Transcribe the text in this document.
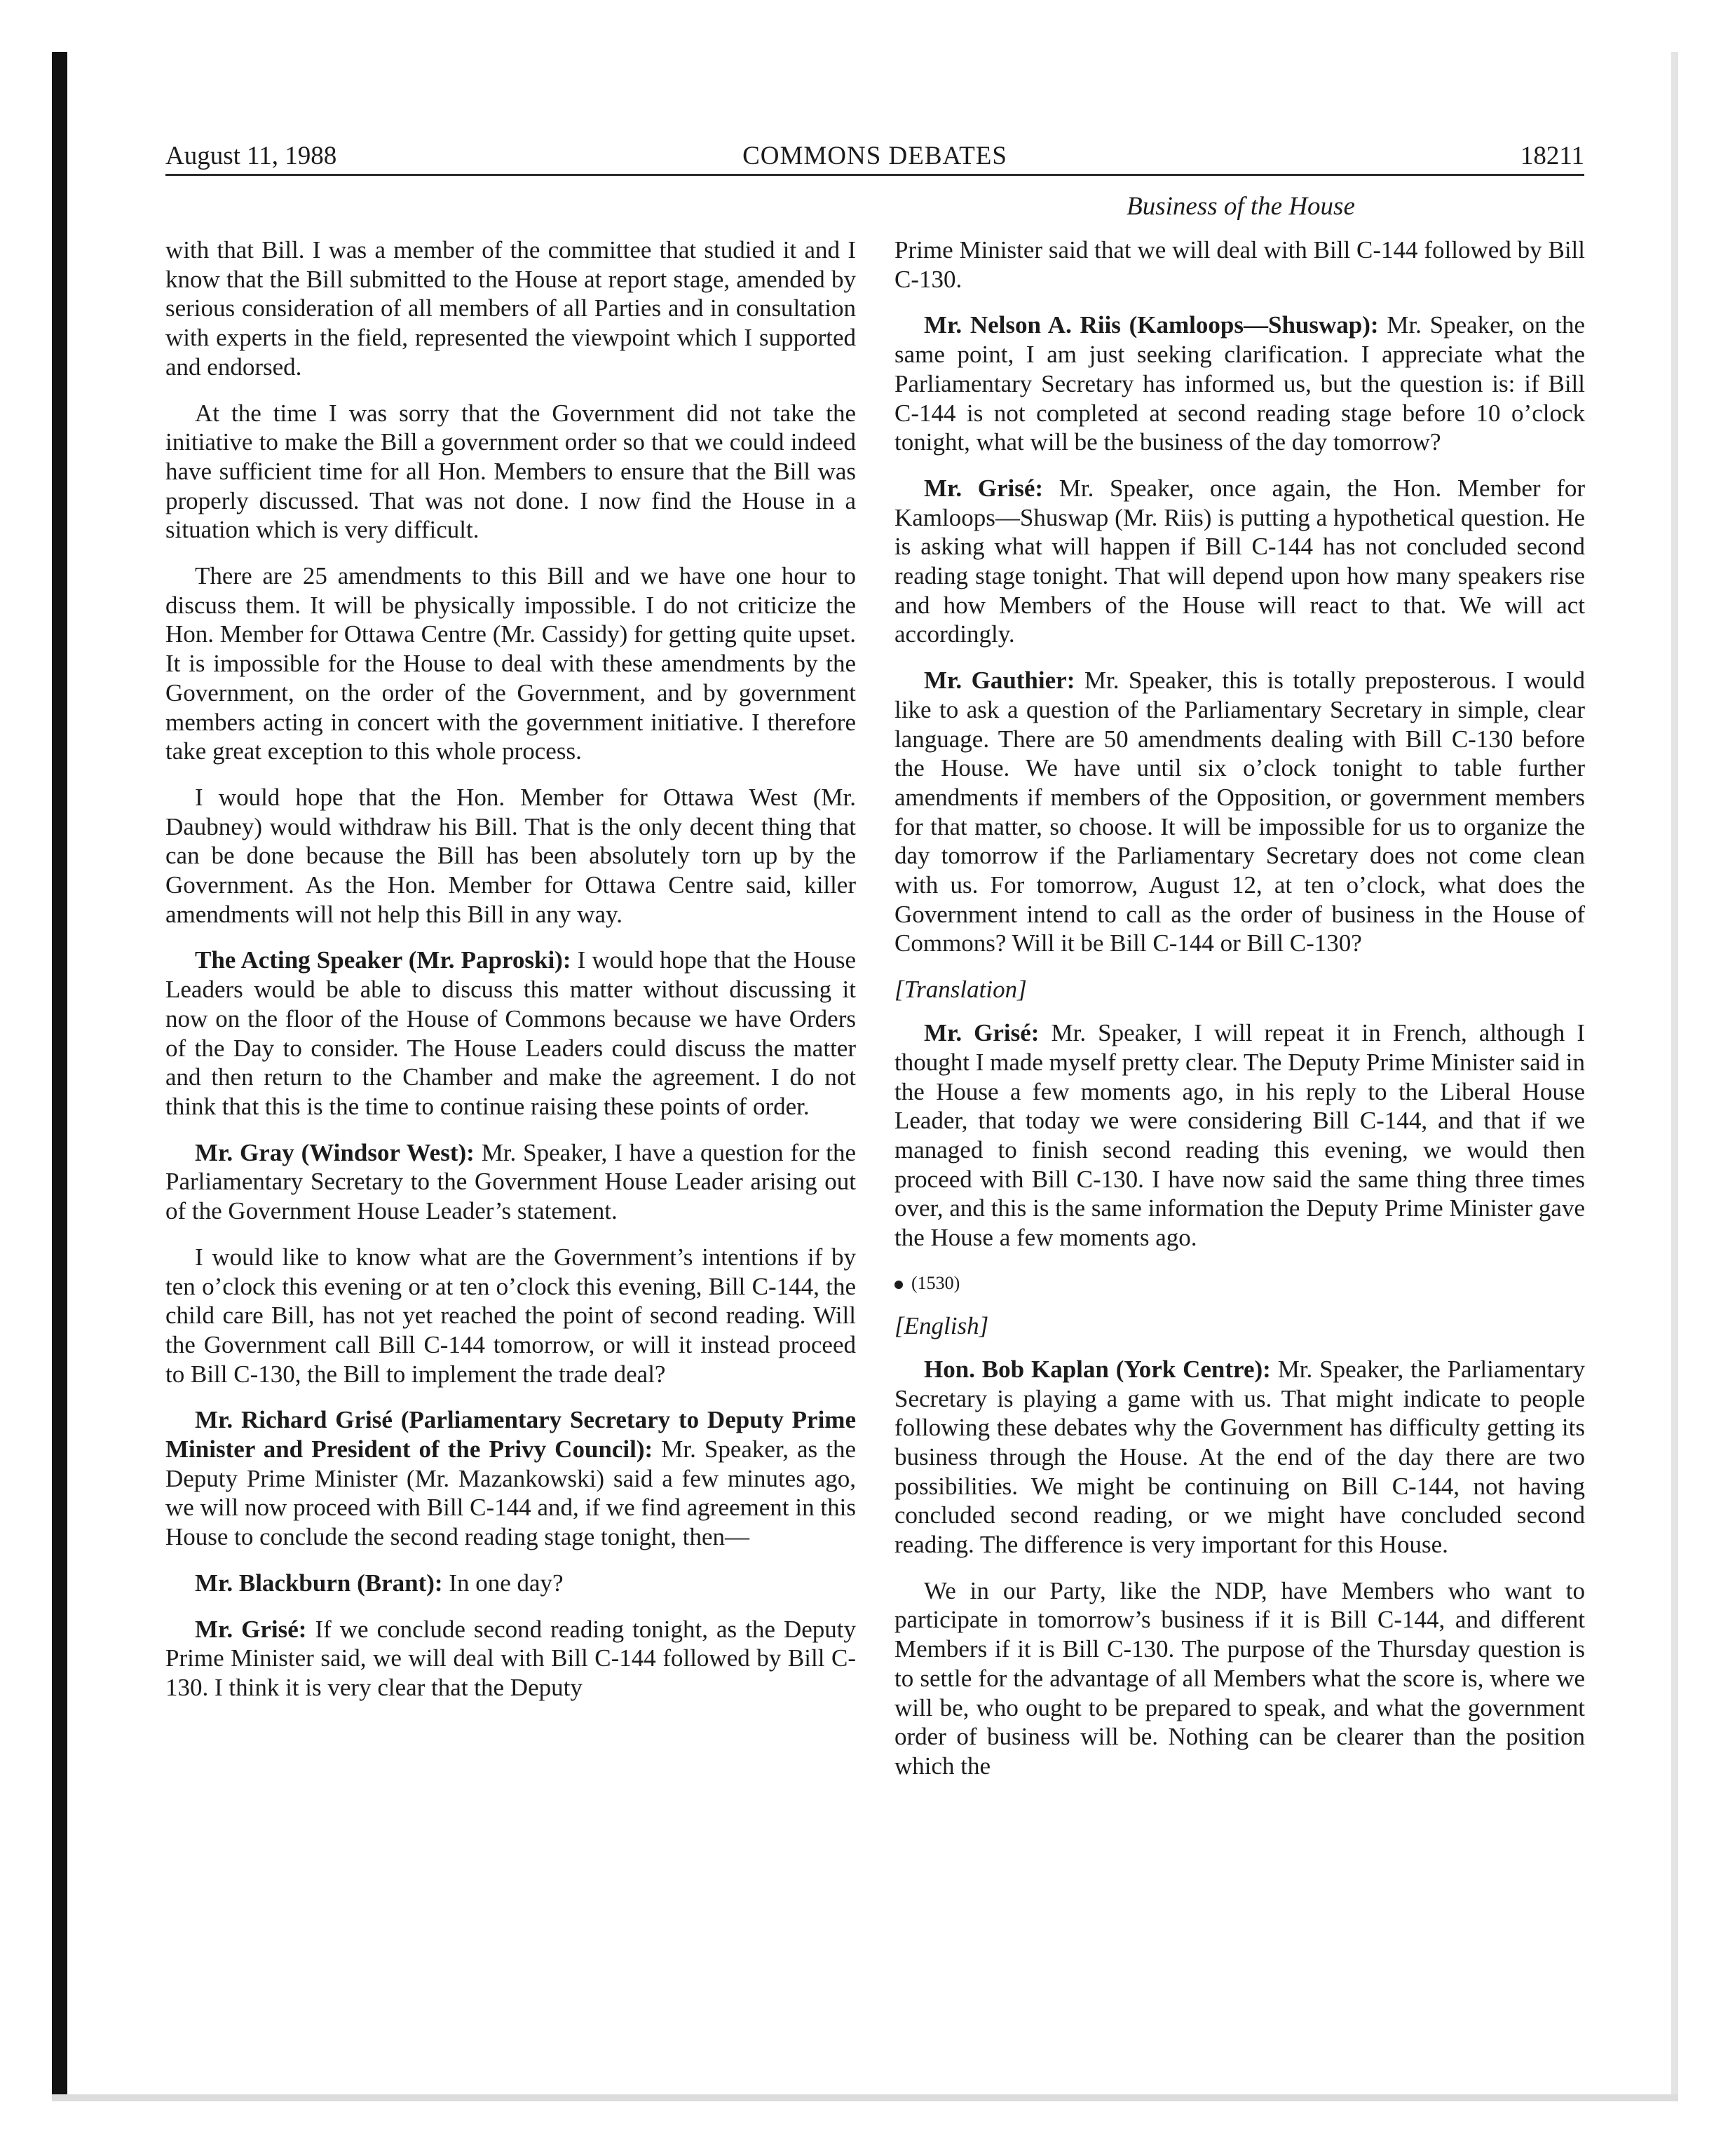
August 11, 1988	COMMONS DEBATES	18211
Business of the House

with that Bill. I was a member of the committee that studied it and I know that the Bill submitted to the House at report stage, amended by serious consideration of all members of all Parties and in consultation with experts in the field, represented the viewpoint which I supported and endorsed.

At the time I was sorry that the Government did not take the initiative to make the Bill a government order so that we could indeed have sufficient time for all Hon. Members to ensure that the Bill was properly discussed. That was not done. I now find the House in a situation which is very difficult.

There are 25 amendments to this Bill and we have one hour to discuss them. It will be physically impossible. I do not criticize the Hon. Member for Ottawa Centre (Mr. Cassidy) for getting quite upset. It is impossible for the House to deal with these amendments by the Government, on the order of the Government, and by government members acting in concert with the government initiative. I therefore take great exception to this whole process.

I would hope that the Hon. Member for Ottawa West (Mr. Daubney) would withdraw his Bill. That is the only decent thing that can be done because the Bill has been absolutely torn up by the Government. As the Hon. Member for Ottawa Centre said, killer amendments will not help this Bill in any way.

The Acting Speaker (Mr. Paproski): I would hope that the House Leaders would be able to discuss this matter without discussing it now on the floor of the House of Commons because we have Orders of the Day to consider. The House Leaders could discuss the matter and then return to the Chamber and make the agreement. I do not think that this is the time to continue raising these points of order.

Mr. Gray (Windsor West): Mr. Speaker, I have a question for the Parliamentary Secretary to the Government House Leader arising out of the Government House Leader’s statement.

I would like to know what are the Government’s intentions if by ten o’clock this evening or at ten o’clock this evening, Bill C-144, the child care Bill, has not yet reached the point of second reading. Will the Government call Bill C-144 tomorrow, or will it instead proceed to Bill C-130, the Bill to implement the trade deal?

Mr. Richard Grisé (Parliamentary Secretary to Deputy Prime Minister and President of the Privy Council): Mr. Speaker, as the Deputy Prime Minister (Mr. Mazankowski) said a few minutes ago, we will now proceed with Bill C-144 and, if we find agreement in this House to conclude the second reading stage tonight, then—

Mr. Blackburn (Brant): In one day?

Mr. Grisé: If we conclude second reading tonight, as the Deputy Prime Minister said, we will deal with Bill C-144 followed by Bill C-130. I think it is very clear that the Deputy

Prime Minister said that we will deal with Bill C-144 followed by Bill C-130.

Mr. Nelson A. Riis (Kamloops—Shuswap): Mr. Speaker, on the same point, I am just seeking clarification. I appreciate what the Parliamentary Secretary has informed us, but the question is: if Bill C-144 is not completed at second reading stage before 10 o’clock tonight, what will be the business of the day tomorrow?

Mr. Grisé: Mr. Speaker, once again, the Hon. Member for Kamloops—Shuswap (Mr. Riis) is putting a hypothetical question. He is asking what will happen if Bill C-144 has not concluded second reading stage tonight. That will depend upon how many speakers rise and how Members of the House will react to that. We will act accordingly.

Mr. Gauthier: Mr. Speaker, this is totally preposterous. I would like to ask a question of the Parliamentary Secretary in simple, clear language. There are 50 amendments dealing with Bill C-130 before the House. We have until six o’clock tonight to table further amendments if members of the Opposition, or government members for that matter, so choose. It will be impossible for us to organize the day tomorrow if the Parliamentary Secretary does not come clean with us. For tomorrow, August 12, at ten o’clock, what does the Government intend to call as the order of business in the House of Commons? Will it be Bill C-144 or Bill C-130?

[Translation]

Mr. Grisé: Mr. Speaker, I will repeat it in French, although I thought I made myself pretty clear. The Deputy Prime Minister said in the House a few moments ago, in his reply to the Liberal House Leader, that today we were considering Bill C-144, and that if we managed to finish second reading this evening, we would then proceed with Bill C-130. I have now said the same thing three times over, and this is the same information the Deputy Prime Minister gave the House a few moments ago.

(1530)
[English]

Hon. Bob Kaplan (York Centre): Mr. Speaker, the Parliamentary Secretary is playing a game with us. That might indicate to people following these debates why the Government has difficulty getting its business through the House. At the end of the day there are two possibilities. We might be continuing on Bill C-144, not having concluded second reading, or we might have concluded second reading. The difference is very important for this House.

We in our Party, like the NDP, have Members who want to participate in tomorrow’s business if it is Bill C-144, and different Members if it is Bill C-130. The purpose of the Thursday question is to settle for the advantage of all Members what the score is, where we will be, who ought to be prepared to speak, and what the government order of business will be. Nothing can be clearer than the position which the
